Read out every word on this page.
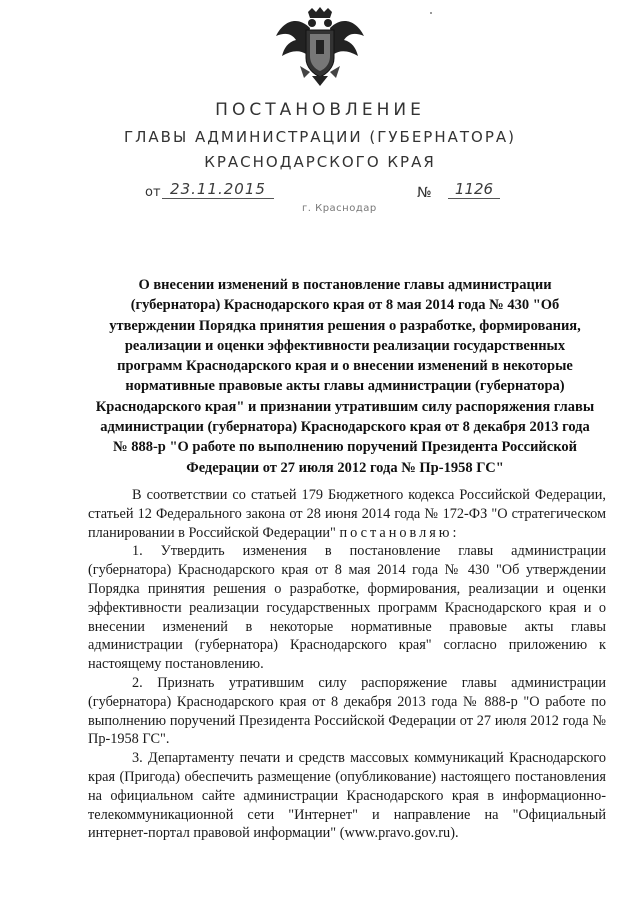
ПОСТАНОВЛЕНИЕ
ГЛАВЫ АДМИНИСТРАЦИИ (ГУБЕРНАТОРА)
КРАСНОДАРСКОГО КРАЯ
от 23.11.2015	№	1126
г. Краснодар
О внесении изменений в постановление главы администрации (губернатора) Краснодарского края от 8 мая 2014 года № 430 "Об утверждении Порядка принятия решения о разработке, формирования, реализации и оценки эффективности реализации государственных программ Краснодарского края и о внесении изменений в некоторые нормативные правовые акты главы администрации (губернатора) Краснодарского края" и признании утратившим силу распоряжения главы администрации (губернатора) Краснодарского края от 8 декабря 2013 года № 888-р "О работе по выполнению поручений Президента Российской Федерации от 27 июля 2012 года № Пр-1958 ГС"

В соответствии со статьей 179 Бюджетного кодекса Российской Федерации, статьей 12 Федерального закона от 28 июня 2014 года № 172-ФЗ "О стратегическом планировании в Российской Федерации" постановляю:

1. Утвердить изменения в постановление главы администрации (губернатора) Краснодарского края от 8 мая 2014 года № 430 "Об утверждении Порядка принятия решения о разработке, формирования, реализации и оценки эффективности реализации государственных программ Краснодарского края и о внесении изменений в некоторые нормативные правовые акты главы администрации (губернатора) Краснодарского края" согласно приложению к настоящему постановлению.

2. Признать утратившим силу распоряжение главы администрации (губернатора) Краснодарского края от 8 декабря 2013 года № 888-р "О работе по выполнению поручений Президента Российской Федерации от 27 июля 2012 года № Пр-1958 ГС".

3. Департаменту печати и средств массовых коммуникаций Краснодарского края (Пригода) обеспечить размещение (опубликование) настоящего постановления на официальном сайте администрации Краснодарского края в информационно-телекоммуникационной сети "Интернет" и направление на "Официальный интернет-портал правовой информации" (www.pravo.gov.ru).
